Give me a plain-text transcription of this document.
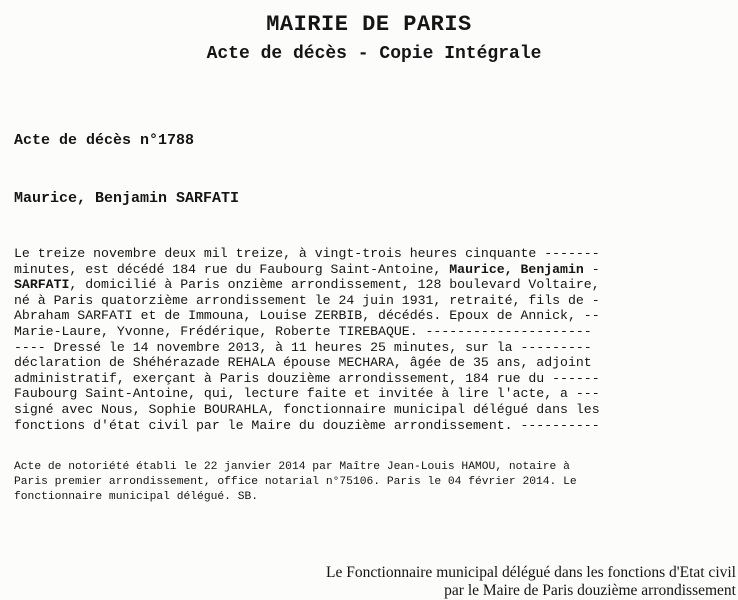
MAIRIE DE PARIS
Acte de décès - Copie Intégrale
Acte de décès n°1788
Maurice, Benjamin SARFATI
Le treize novembre deux mil treize, à vingt-trois heures cinquante -------
minutes, est décédé 184 rue du Faubourg Saint-Antoine, Maurice, Benjamin -
SARFATI, domicilié à Paris onzième arrondissement, 128 boulevard Voltaire,
né à Paris quatorzième arrondissement le 24 juin 1931, retraité, fils de -
Abraham SARFATI et de Immouna, Louise ZERBIB, décédés. Epoux de Annick, --
Marie-Laure, Yvonne, Frédérique, Roberte TIREBAQUE. ---------------------
---- Dressé le 14 novembre 2013, à 11 heures 25 minutes, sur la ---------
déclaration de Shéhérazade REHALA épouse MECHARA, âgée de 35 ans, adjoint
administratif, exerçant à Paris douzième arrondissement, 184 rue du ------
Faubourg Saint-Antoine, qui, lecture faite et invitée à lire l'acte, a ---
signé avec Nous, Sophie BOURAHLA, fonctionnaire municipal délégué dans les
fonctions d'état civil par le Maire du douzième arrondissement. ----------
Acte de notoriété établi le 22 janvier 2014 par Maître Jean-Louis HAMOU, notaire à
Paris premier arrondissement, office notarial n°75106. Paris le 04 février 2014. Le
fonctionnaire municipal délégué. SB.
Le Fonctionnaire municipal délégué dans les fonctions d'Etat civil
par le Maire de Paris douzième arrondissement
